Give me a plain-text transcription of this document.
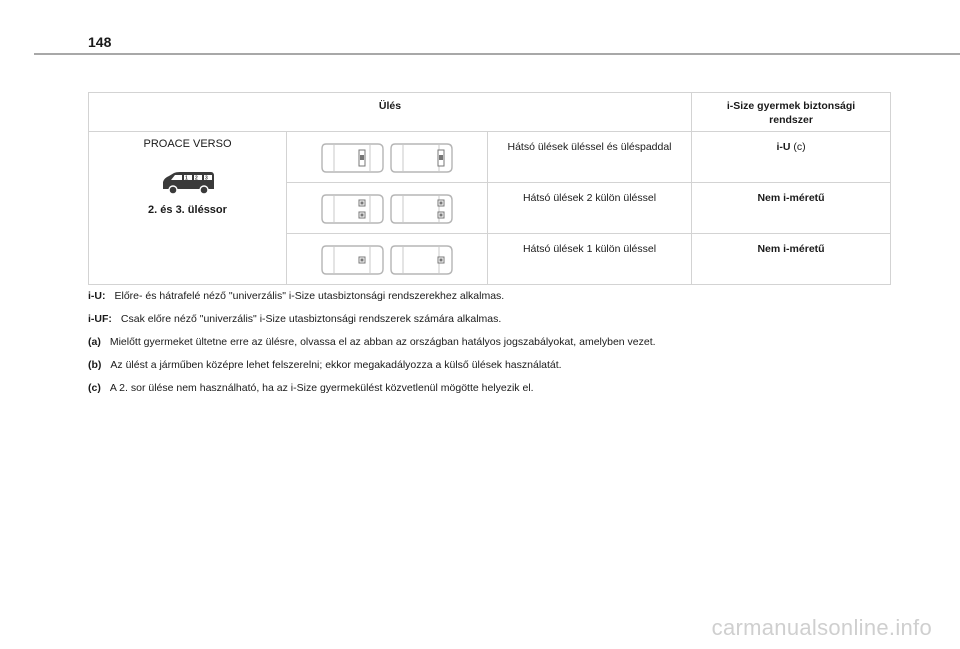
148
Ülés			i-Size gyermek biztonsági rendszer

PROACE VERSO
1 2 3
2. és 3. üléssor		Hátsó ülések üléssel és üléspaddal	i-U (c)

Hátsó ülések 2 külön üléssel	Nem i-méretű

Hátsó ülések 1 külön üléssel	Nem i-méretű
i-U: Előre- és hátrafelé néző "univerzális" i-Size utasbiztonsági rendszerekhez alkalmas.
i-UF: Csak előre néző "univerzális" i-Size utasbiztonsági rendszerek számára alkalmas.
(a) Mielőtt gyermeket ültetne erre az ülésre, olvassa el az abban az országban hatályos jogszabályokat, amelyben vezet.
(b) Az ülést a járműben középre lehet felszerelni; ekkor megakadályozza a külső ülések használatát.
(c) A 2. sor ülése nem használható, ha az i-Size gyermekülést közvetlenül mögötte helyezik el.
carmanualsonline.info
